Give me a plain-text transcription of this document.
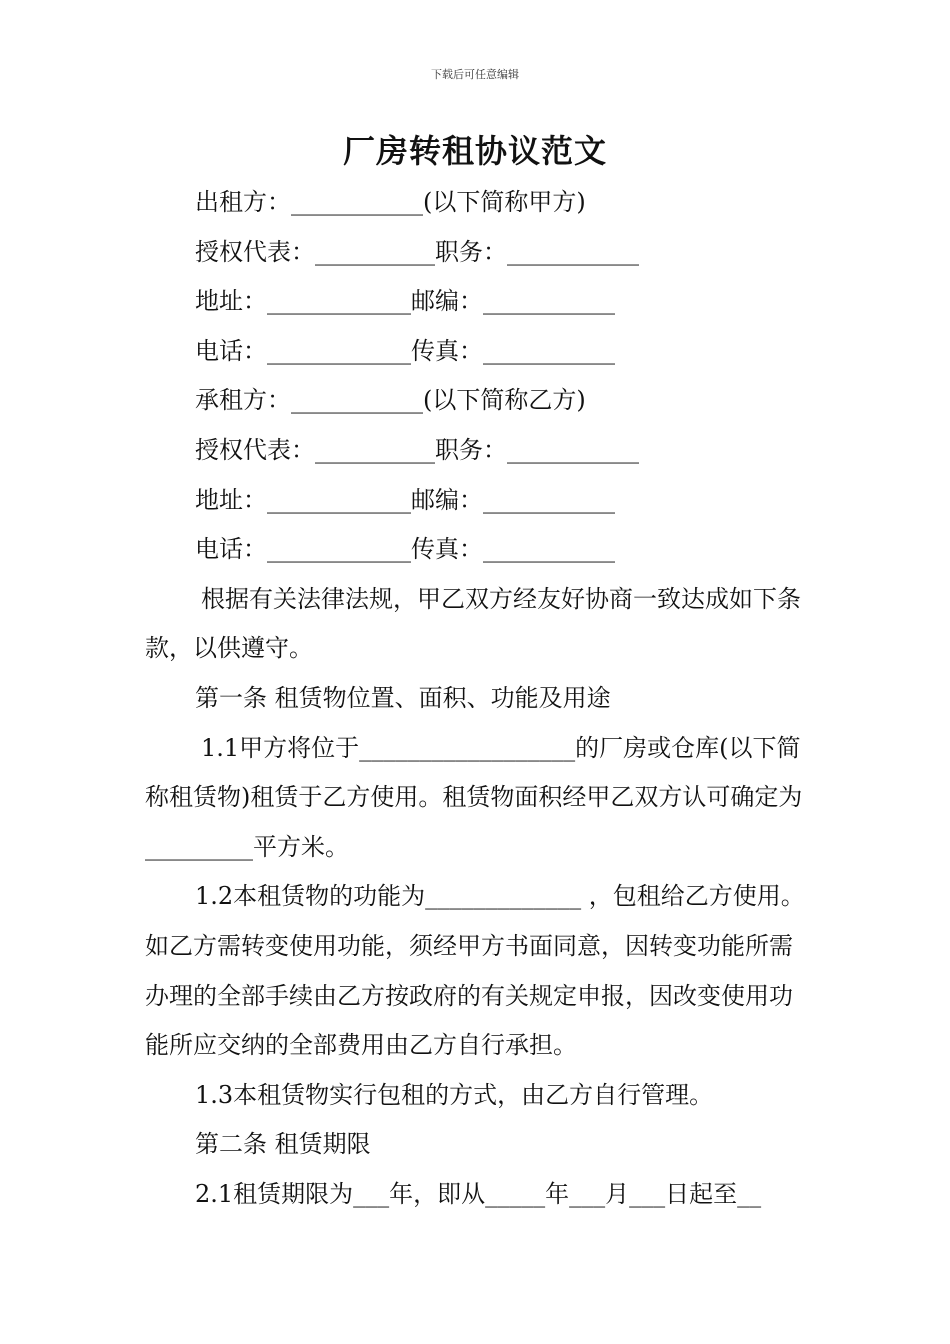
下载后可任意编辑
厂房转租协议范文

出租方：___________(以下简称甲方)

授权代表：__________职务：___________

地址：____________邮编：___________

电话：____________传真：___________

承租方：___________(以下简称乙方)

授权代表：__________职务：___________

地址：____________邮编：___________

电话：____________传真：___________

根据有关法律法规，甲乙双方经友好协商一致达成如下条款，以供遵守。

第一条 租赁物位置、面积、功能及用途

1.1甲方将位于__________________的厂房或仓库(以下简称租赁物)租赁于乙方使用。租赁物面积经甲乙双方认可确定为_________平方米。

1.2本租赁物的功能为_____________ ，包租给乙方使用。如乙方需转变使用功能，须经甲方书面同意，因转变功能所需办理的全部手续由乙方按政府的有关规定申报，因改变使用功能所应交纳的全部费用由乙方自行承担。

1.3本租赁物实行包租的方式，由乙方自行管理。

第二条 租赁期限

2.1租赁期限为___年，即从_____年___月___日起至__
